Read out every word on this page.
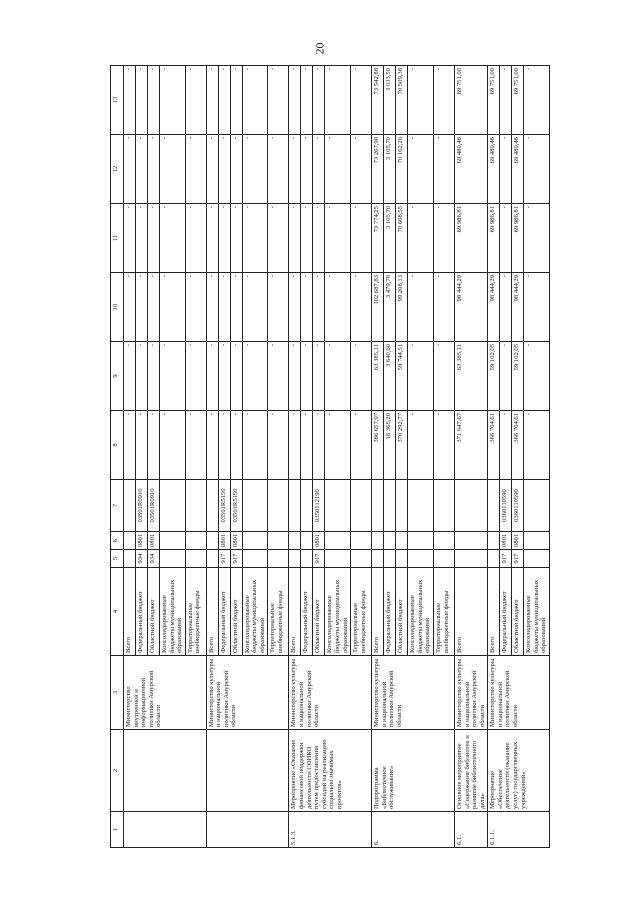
20
1	2	3	4	5	6	7	8	9	10	11	12	13
		Министерство внутренней и информационной политики Амурской области	Всего				-	-	-	-	-	-
			Федеральный бюджет	934	0801	03501R0910	-	-	-	-	-	-
			Областной бюджет	934	0801	03501R0910	-	-	-	-	-	-
			Консолидированные бюджеты муниципальных образований				-	-	-	-	-	-
			Территориальные внебюджетные фонды				-	-	-	-	-	-
		Министерство культуры и национальной политики Амурской области	Всего				-	-	-	-	-	-
			Федеральный бюджет	917	0801	03501R5150	-	-	-	-	-	-
			Областной бюджет	917	0801	03501R5150	-	-	-	-	-	-
			Консолидированные бюджеты муниципальных образований				-	-	-	-	-	-
			Территориальные внебюджетные фонды				-	-	-	-	-	-
5.1.3.	Мероприятие «Оказание финансовой поддержки деятельности СОНКО путем предоставления субсидий на реализацию социально значимых проектов»	Министерство культуры и национальной политики Амурской области	Всего				-	-	-	-	-	-
			Федеральный бюджет				-	-	-	-	-	-
			Областной бюджет	917	0801	0350112190	-	-	-	-	-	-
			Консолидированные бюджеты муниципальных образований				-	-	-	-	-	-
			Территориальные внебюджетные фонды				-	-	-	-	-	-
6.	Подпрограмма «Библиотечное обслуживание»	Министерство культуры и национальной политики Амурской области	Всего				386 657,97	63 385,11	102 687,83	73 774,25	73 267,90	73 542,88
			Федеральный бюджет				16 365,20	3 640,60	3 479,70	3 105,70	3 105,70	3 033,50
			Областной бюджет				370 292,77	59 744,51	99 208,13	70 668,55	70 162,20	70 509,38
			Консолидированные бюджеты муниципальных образований				-	-	-	-	-	-
			Территориальные внебюджетные фонды				-	-	-	-	-	-
6.1.	Основное мероприятие «Содержание библиотек и развитие библиотечного дела»	Министерство культуры и национальной политики Амурской области	Всего				371 047,67	63 385,11	98 444,29	69 986,81	69 480,46	69 751,00
6.1.1.	Мероприятие «Обеспечение деятельности (оказание услуг) государственных учреждений»	Министерство культуры и национальной политики Амурской области	Всего				366 764,61	59 102,05	98 444,29	69 986,81	69 480,46	69 751,00
			Федеральный бюджет	917	0801	0360110590	-	-	-	-	-	-
			Областной бюджет	917	0801	0360110590	366 764,61	59 102,05	98 444,29	69 986,81	69 480,46	69 751,00
			Консолидированные бюджеты муниципальных образований				-	-	-	-	-	-
